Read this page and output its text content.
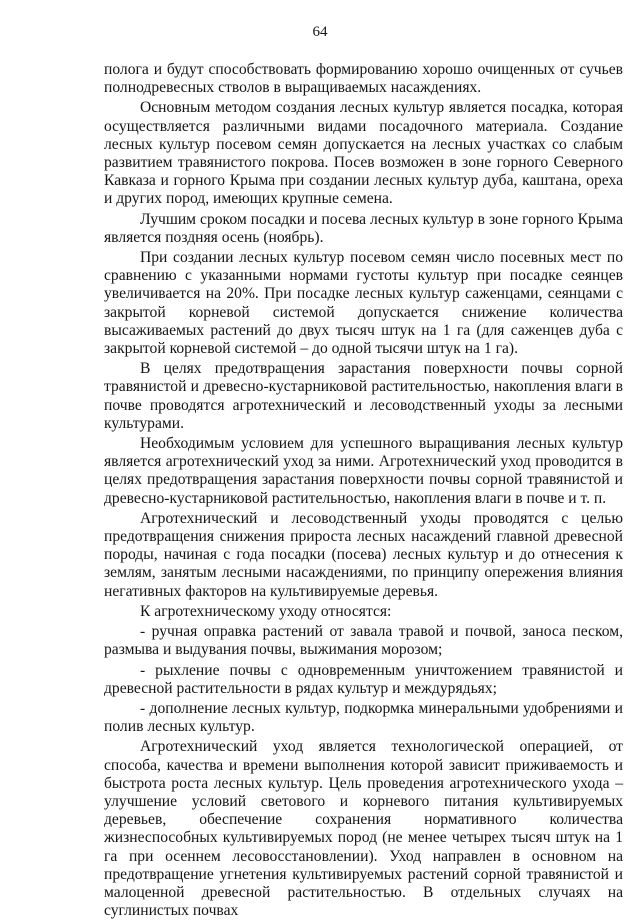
64

полога и будут способствовать формированию хорошо очищенных от сучьев полнодревесных стволов в выращиваемых насаждениях.

Основным методом создания лесных культур является посадка, которая осуществляется различными видами посадочного материала. Создание лесных культур посевом семян допускается на лесных участках со слабым развитием травянистого покрова. Посев возможен в зоне горного Северного Кавказа и горного Крыма при создании лесных культур дуба, каштана, ореха и других пород, имеющих крупные семена.

Лучшим сроком посадки и посева лесных культур в зоне горного Крыма является поздняя осень (ноябрь).

При создании лесных культур посевом семян число посевных мест по сравнению с указанными нормами густоты культур при посадке сеянцев увеличивается на 20%. При посадке лесных культур саженцами, сеянцами с закрытой корневой системой допускается снижение количества высаживаемых растений до двух тысяч штук на 1 га (для саженцев дуба с закрытой корневой системой – до одной тысячи штук на 1 га).

В целях предотвращения зарастания поверхности почвы сорной травянистой и древесно-кустарниковой растительностью, накопления влаги в почве проводятся агротехнический и лесоводственный уходы за лесными культурами.

Необходимым условием для успешного выращивания лесных культур является агротехнический уход за ними. Агротехнический уход проводится в целях предотвращения зарастания поверхности почвы сорной травянистой и древесно-кустарниковой растительностью, накопления влаги в почве и т. п.

Агротехнический и лесоводственный уходы проводятся с целью предотвращения снижения прироста лесных насаждений главной древесной породы, начиная с года посадки (посева) лесных культур и до отнесения к землям, занятым лесными насаждениями, по принципу опережения влияния негативных факторов на культивируемые деревья.

К агротехническому уходу относятся:

- ручная оправка растений от завала травой и почвой, заноса песком, размыва и выдувания почвы, выжимания морозом;

- рыхление почвы с одновременным уничтожением травянистой и древесной растительности в рядах культур и междурядьях;

- дополнение лесных культур, подкормка минеральными удобрениями и полив лесных культур.

Агротехнический уход является технологической операцией, от способа, качества и времени выполнения которой зависит приживаемость и быстрота роста лесных культур. Цель проведения агротехнического ухода – улучшение условий светового и корневого питания культивируемых деревьев, обеспечение сохранения нормативного количества жизнеспособных культивируемых пород (не менее четырех тысяч штук на 1 га при осеннем лесовосстановлении). Уход направлен в основном на предотвращение угнетения культивируемых растений сорной травянистой и малоценной древесной растительностью. В отдельных случаях на суглинистых почвах
